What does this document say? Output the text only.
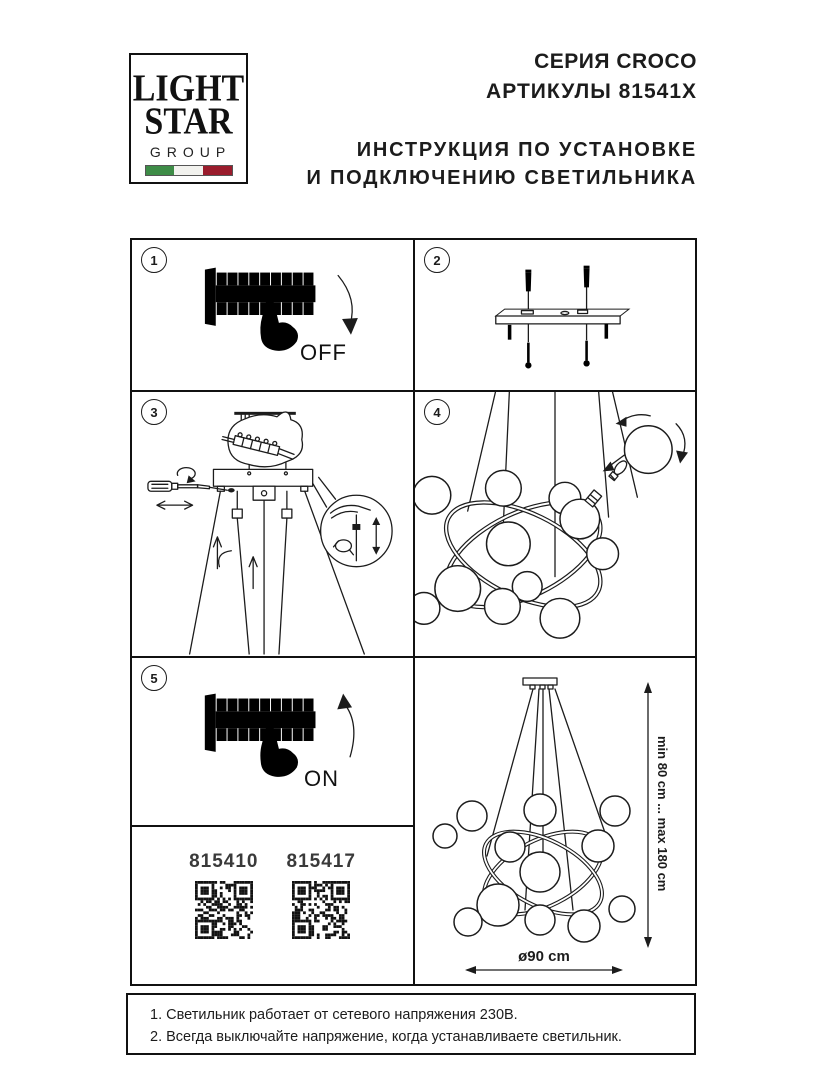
LIGHT
STAR
GROUP
СЕРИЯ CROCO
АРТИКУЛЫ 81541X
ИНСТРУКЦИЯ ПО УСТАНОВКЕ
И ПОДКЛЮЧЕНИЮ СВЕТИЛЬНИКА
1
OFF
2
3	4
5
ON
815410 815417	min 80 cm ... max 180 cm
ø90 cm
1. Светильник работает от сетевого напряжения 230В.
2. Всегда выключайте напряжение, когда устанавливаете светильник.
